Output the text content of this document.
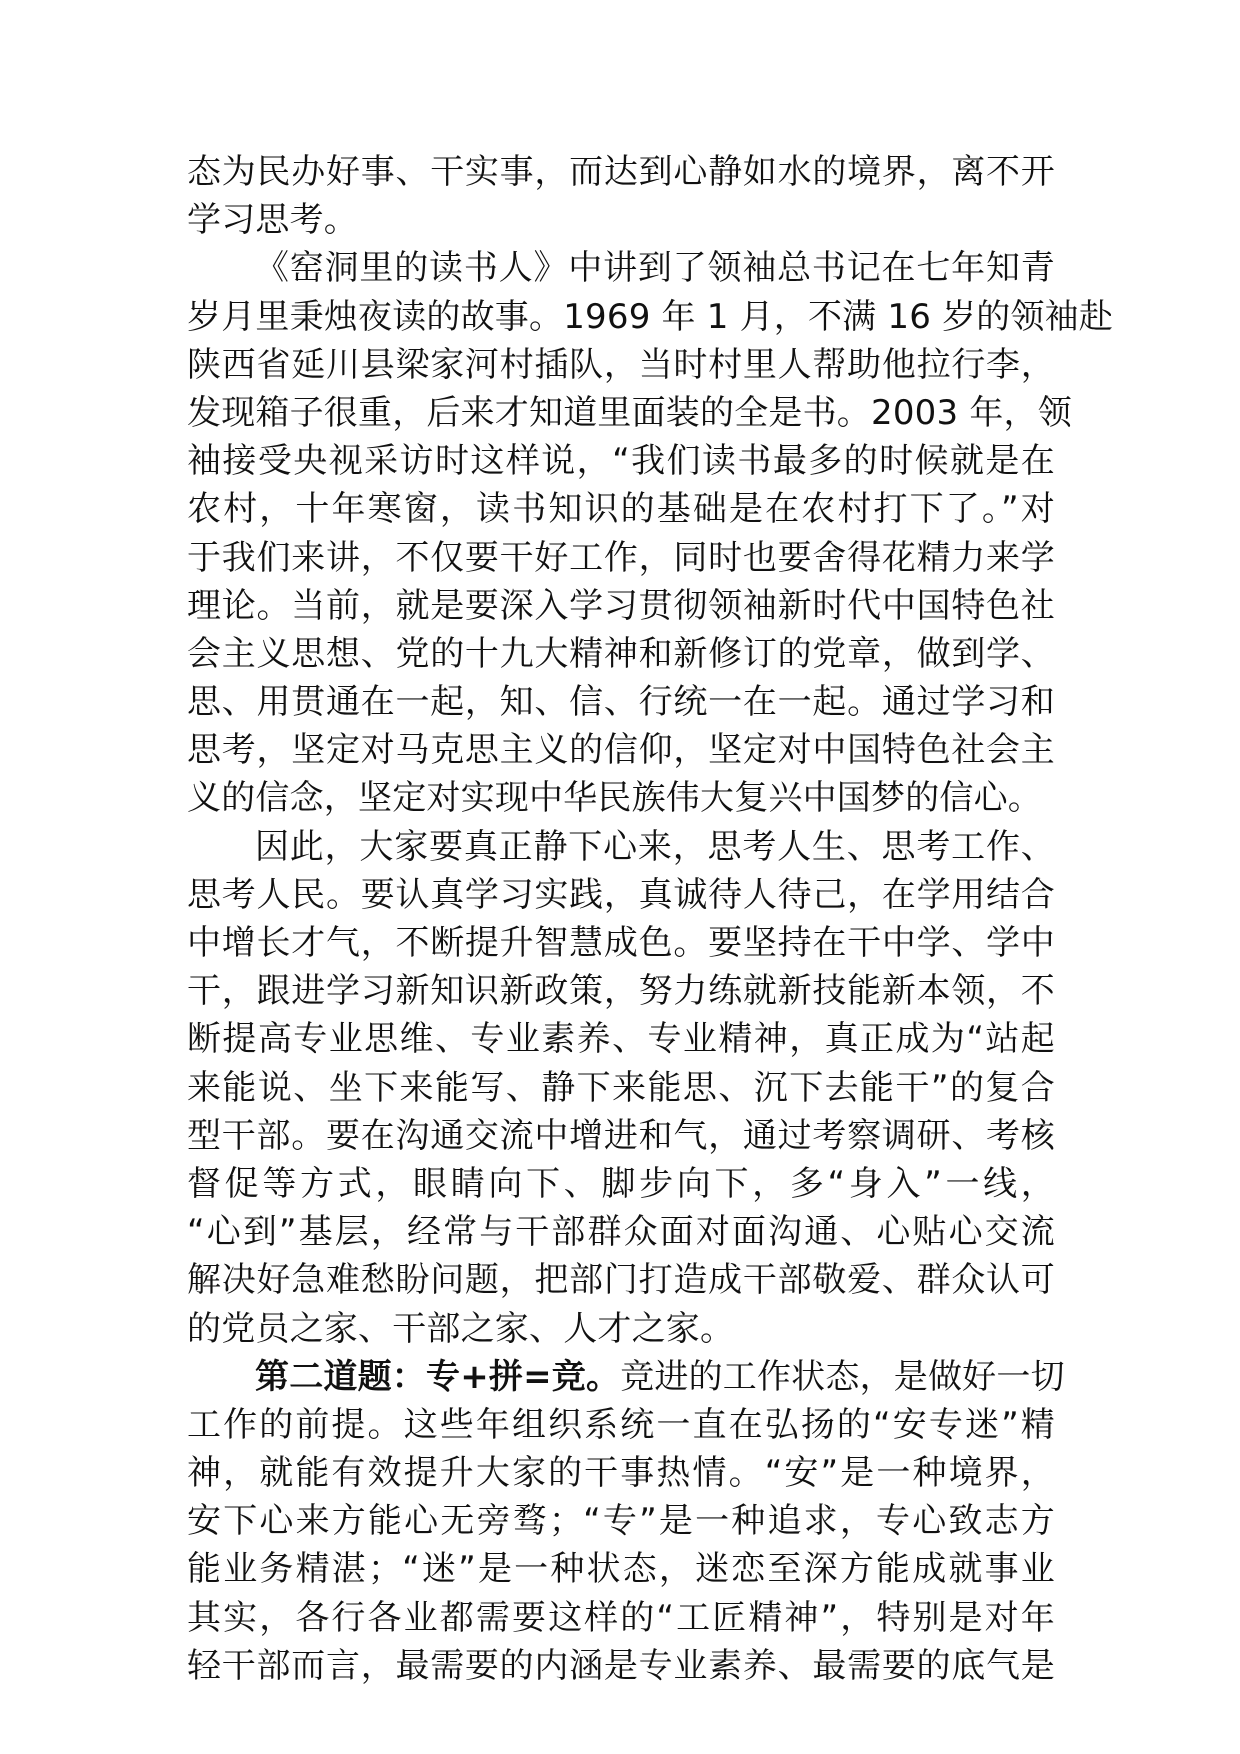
态为民办好事、干实事，而达到心静如水的境界，离不开
学习思考。
《窑洞里的读书人》中讲到了领袖总书记在七年知青
岁月里秉烛夜读的故事。1969 年 1 月，不满 16 岁的领袖赴
陕西省延川县梁家河村插队，当时村里人帮助他拉行李，
发现箱子很重，后来才知道里面装的全是书。2003 年，领
袖接受央视采访时这样说，“我们读书最多的时候就是在
农村，十年寒窗，读书知识的基础是在农村打下了。”对
于我们来讲，不仅要干好工作，同时也要舍得花精力来学
理论。当前，就是要深入学习贯彻领袖新时代中国特色社
会主义思想、党的十九大精神和新修订的党章，做到学、
思、用贯通在一起，知、信、行统一在一起。通过学习和
思考，坚定对马克思主义的信仰，坚定对中国特色社会主
义的信念，坚定对实现中华民族伟大复兴中国梦的信心。
因此，大家要真正静下心来，思考人生、思考工作、
思考人民。要认真学习实践，真诚待人待己，在学用结合
中增长才气，不断提升智慧成色。要坚持在干中学、学中
干，跟进学习新知识新政策，努力练就新技能新本领，不
断提高专业思维、专业素养、专业精神，真正成为“站起
来能说、坐下来能写、静下来能思、沉下去能干”的复合
型干部。要在沟通交流中增进和气，通过考察调研、考核
督促等方式，眼睛向下、脚步向下，多“身入”一线，
“心到”基层，经常与干部群众面对面沟通、心贴心交流
解决好急难愁盼问题，把部门打造成干部敬爱、群众认可
的党员之家、干部之家、人才之家。
第二道题：专+拼=竞。竞进的工作状态，是做好一切
工作的前提。这些年组织系统一直在弘扬的“安专迷”精
神，就能有效提升大家的干事热情。“安”是一种境界，
安下心来方能心无旁骛；“专”是一种追求，专心致志方
能业务精湛；“迷”是一种状态，迷恋至深方能成就事业
其实，各行各业都需要这样的“工匠精神”，特别是对年
轻干部而言，最需要的内涵是专业素养、最需要的底气是
